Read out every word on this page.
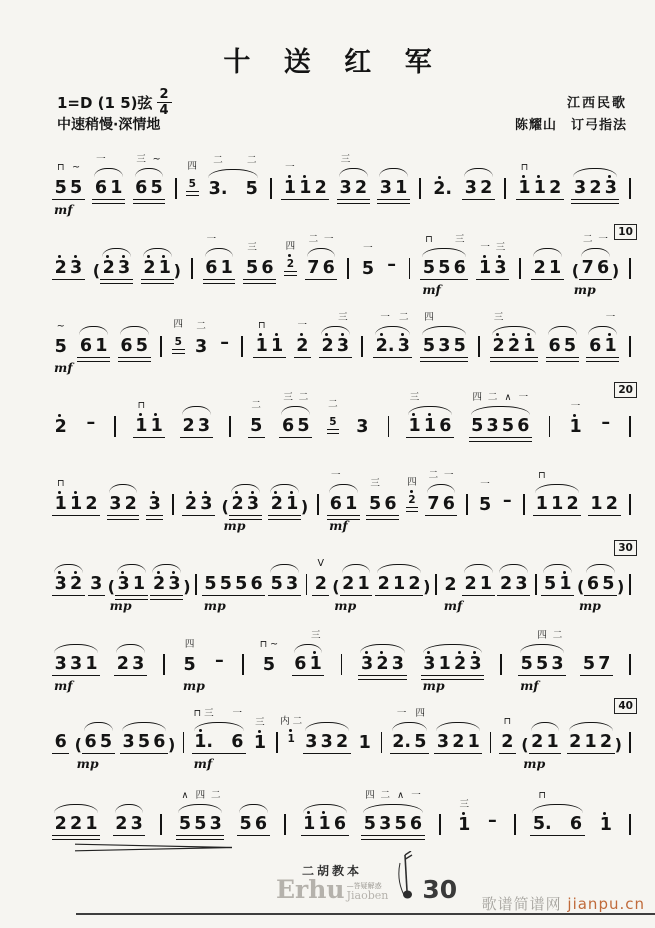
十 送 红 军
1=D (1 5)弦 $\frac{2}{4}$
中速稍慢·深情地
江西民歌
陈耀山　订弓指法
5
⊓
5
~
mf
6
一
1 6
三
5
~
5
四
3.
二
5
二
1
一
1 2 3
三
2 3 1 2. 3 2 1
⊓
1 2 3 2 3
2 3 ( 2 3 2 1 ) 6
一
1 5
三
6 2
四
7
二
6
一
5
一
– 5
⊓
5 6
三
mf
1
一
3
三
2 1 ( 7
二
6
一
)
mp
10
5
~
mf
6 1 6 5	5
四
3
二
– 1
⊓
1 2
一
2 3
三
2.
一
3
二
5
四
3 5 2
三
2 1 6 5 6 1
一
2 – 1
⊓
1 2 3 5
二
6
三
5
二
5
二
3 1
三
1 6 5
四
3
二
5
∧
6
一
1
一
–
20
1
⊓
1 2 3 2 3 2 3 ( 2 3
mp
2 1 ) 6
一
1
mf
5
三
6 2
四
7
二
6
一
5
一
– 1
⊓
1 2 1 2
3 2 3 ( 3 1
mp
2 3 ) 5 5 5 6
mp
5 3 2
V
( 2 1
mp
2 1 2 ) 2
mf
2 1 2 3 5 1 ( 6 5 )
mp
30
3 3 1
mf
2 3 5
四
mp
– 5
⊓ ~
6 1
三
3 2 3 3 1 2 3
mp
5 5
四
3
二
mf
5 7
6 ( 6 5
mp
3 5 6 ) 1.
⊓ 三
6
一
mf
1
三
1
内 二
3 3 2 1 2.
一
5
四
3 2 1 2
⊓
( 2 1
mp
2 1 2 )
40
2 2 1 2 3 5
∧
5
四
3
二
5 6 1 1 6 5
四
3
二
5
∧
6
一
1
三
– 5.
⊓
6 1
二胡教本
Erhu —答疑解惑
Jiaoben 30 歌谱简谱网 jianpu.cn
